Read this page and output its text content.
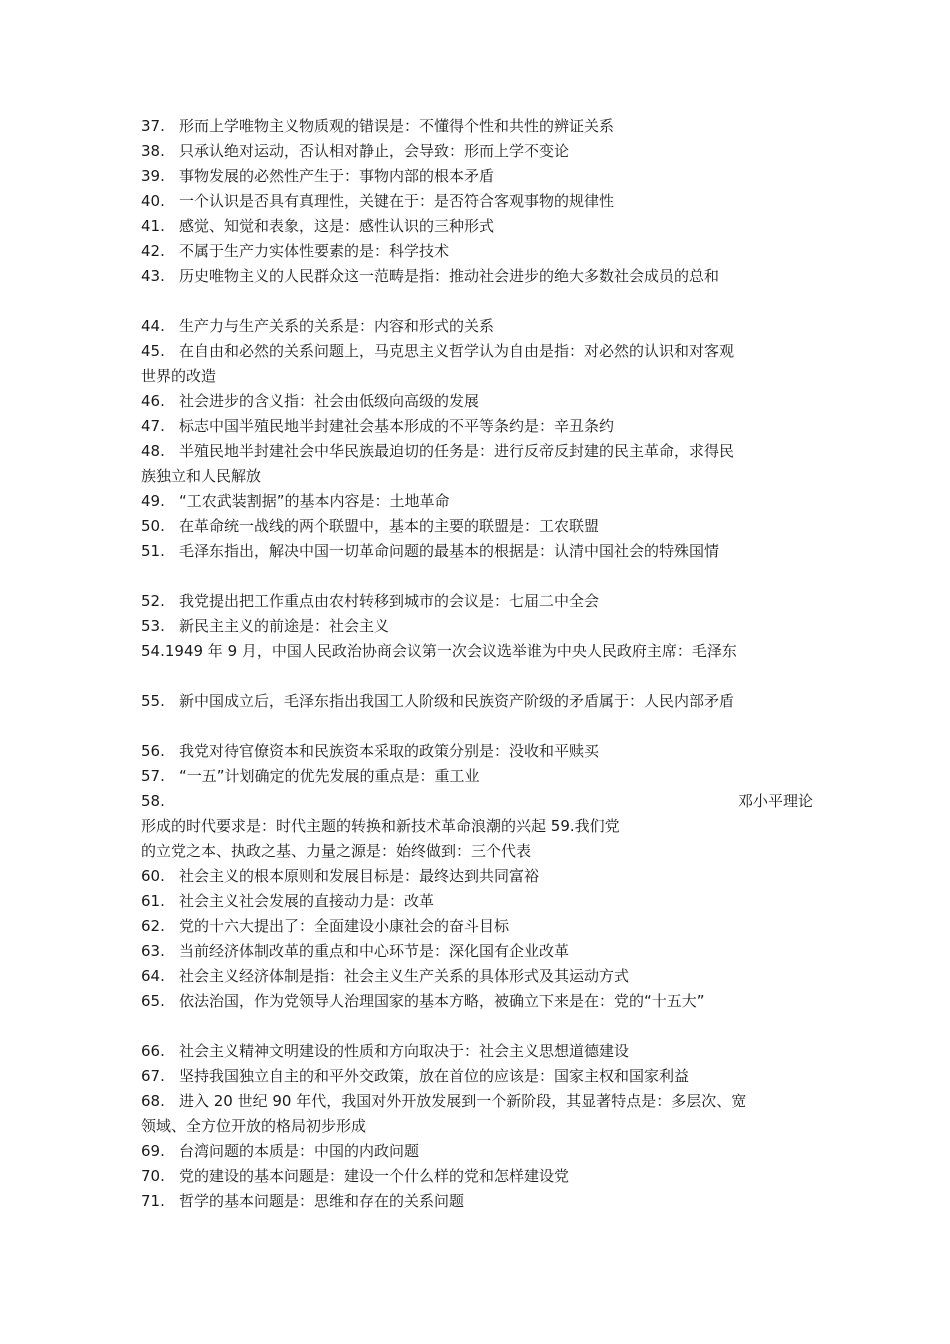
37. 形而上学唯物主义物质观的错误是：不懂得个性和共性的辨证关系
38. 只承认绝对运动，否认相对静止，会导致：形而上学不变论
39. 事物发展的必然性产生于：事物内部的根本矛盾
40. 一个认识是否具有真理性，关键在于：是否符合客观事物的规律性
41. 感觉、知觉和表象，这是：感性认识的三种形式
42. 不属于生产力实体性要素的是：科学技术
43. 历史唯物主义的人民群众这一范畴是指：推动社会进步的绝大多数社会成员的总和
44. 生产力与生产关系的关系是：内容和形式的关系
45. 在自由和必然的关系问题上，马克思主义哲学认为自由是指：对必然的认识和对客观
世界的改造
46. 社会进步的含义指：社会由低级向高级的发展
47. 标志中国半殖民地半封建社会基本形成的不平等条约是：辛丑条约
48. 半殖民地半封建社会中华民族最迫切的任务是：进行反帝反封建的民主革命，求得民
族独立和人民解放
49. “工农武装割据”的基本内容是：土地革命
50. 在革命统一战线的两个联盟中，基本的主要的联盟是：工农联盟
51. 毛泽东指出，解决中国一切革命问题的最基本的根据是：认清中国社会的特殊国情
52. 我党提出把工作重点由农村转移到城市的会议是：七届二中全会
53. 新民主主义的前途是：社会主义
54.1949 年 9 月，中国人民政治协商会议第一次会议选举谁为中央人民政府主席：毛泽东
55. 新中国成立后，毛泽东指出我国工人阶级和民族资产阶级的矛盾属于：人民内部矛盾
56. 我党对待官僚资本和民族资本采取的政策分别是：没收和平赎买
57. “一五”计划确定的优先发展的重点是：重工业
58.	邓小平理论
形成的时代要求是：时代主题的转换和新技术革命浪潮的兴起 59.我们党
的立党之本、执政之基、力量之源是：始终做到：三个代表
60. 社会主义的根本原则和发展目标是：最终达到共同富裕
61. 社会主义社会发展的直接动力是：改革
62. 党的十六大提出了：全面建设小康社会的奋斗目标
63. 当前经济体制改革的重点和中心环节是：深化国有企业改革
64. 社会主义经济体制是指：社会主义生产关系的具体形式及其运动方式
65. 依法治国，作为党领导人治理国家的基本方略，被确立下来是在：党的“十五大”
66. 社会主义精神文明建设的性质和方向取决于：社会主义思想道德建设
67. 坚持我国独立自主的和平外交政策，放在首位的应该是：国家主权和国家利益
68. 进入 20 世纪 90 年代，我国对外开放发展到一个新阶段，其显著特点是：多层次、宽
领域、全方位开放的格局初步形成
69. 台湾问题的本质是：中国的内政问题
70. 党的建设的基本问题是：建设一个什么样的党和怎样建设党
71. 哲学的基本问题是：思维和存在的关系问题
